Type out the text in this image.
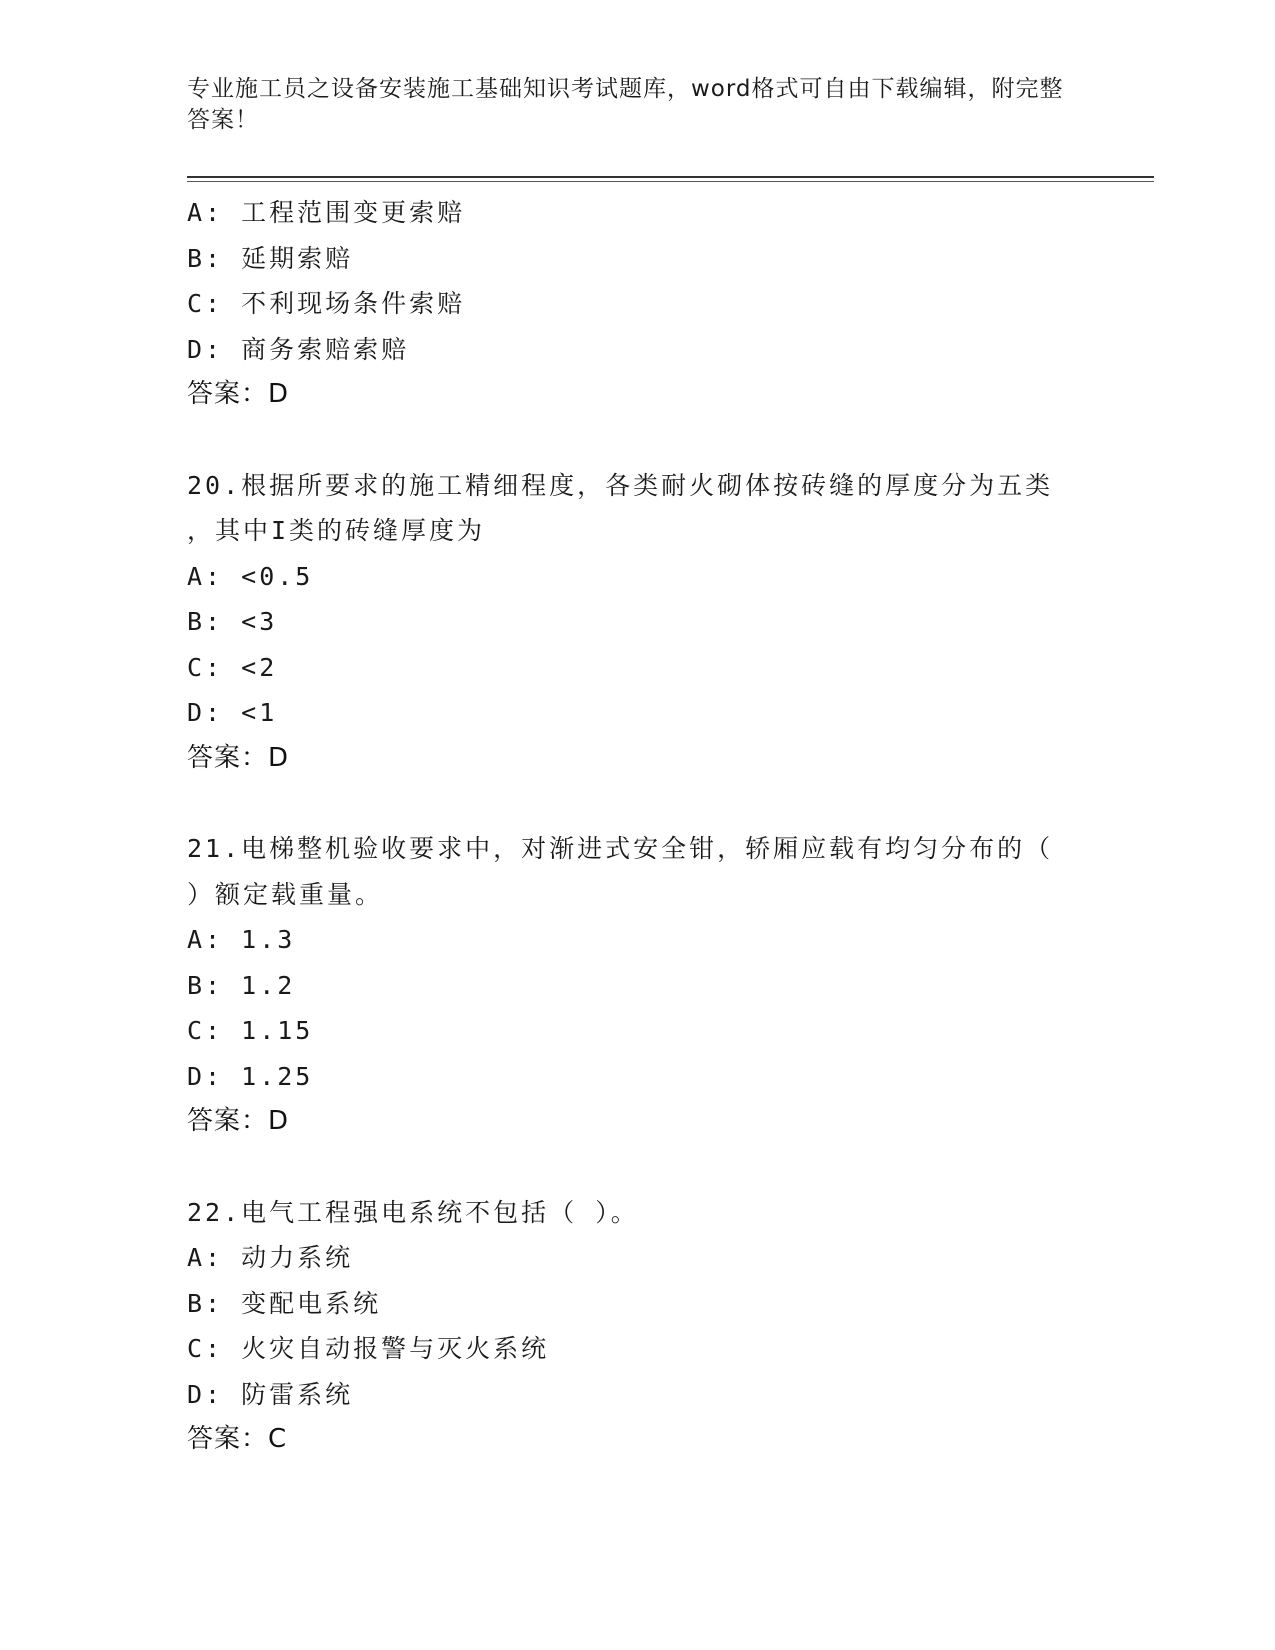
专业施工员之设备安装施工基础知识考试题库，word格式可自由下载编辑，附完整答案！
A: 工程范围变更索赔
B: 延期索赔
C: 不利现场条件索赔
D: 商务索赔索赔
答案：D
20.根据所要求的施工精细程度，各类耐火砌体按砖缝的厚度分为五类
，其中I类的砖缝厚度为
A: <0.5
B: <3
C: <2
D: <1
答案：D
21.电梯整机验收要求中，对渐进式安全钳，轿厢应载有均匀分布的（
）额定载重量。
A: 1.3
B: 1.2
C: 1.15
D: 1.25
答案：D
22.电气工程强电系统不包括（ ）。
A: 动力系统
B: 变配电系统
C: 火灾自动报警与灭火系统
D: 防雷系统
答案：C
